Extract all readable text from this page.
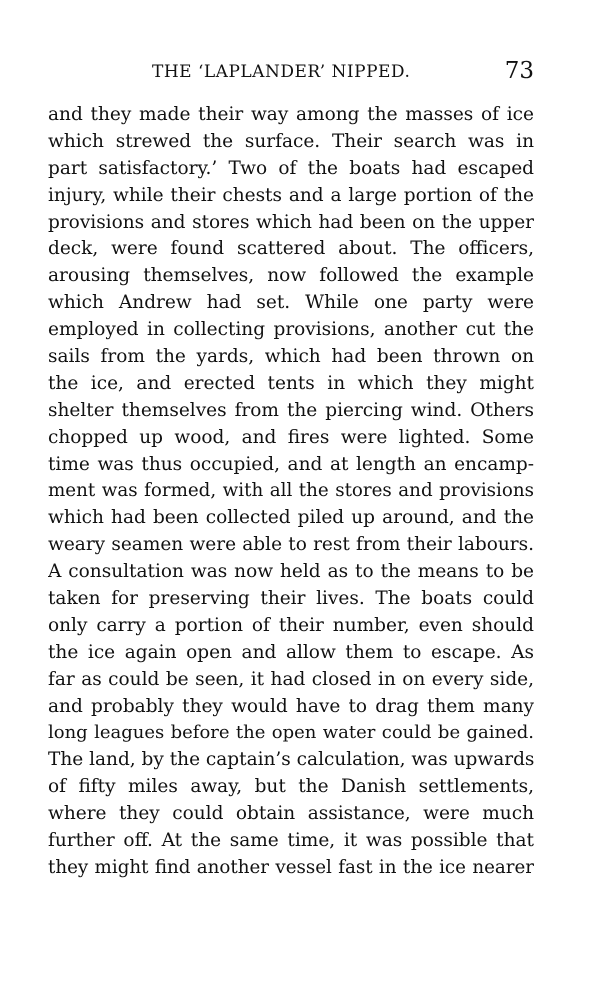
THE ‘LAPLANDER’ NIPPED.	73
and they made their way among the masses of ice
which strewed the surface. Their search was in
part satisfactory.’ Two of the boats had escaped
injury, while their chests and a large portion of the
provisions and stores which had been on the upper
deck, were found scattered about. The officers,
arousing themselves, now followed the example
which Andrew had set. While one party were
employed in collecting provisions, another cut the
sails from the yards, which had been thrown on
the ice, and erected tents in which they might
shelter themselves from the piercing wind. Others
chopped up wood, and fires were lighted. Some
time was thus occupied, and at length an encamp-
ment was formed, with all the stores and provisions
which had been collected piled up around, and the
weary seamen were able to rest from their labours.
A consultation was now held as to the means to be
taken for preserving their lives. The boats could
only carry a portion of their number, even should
the ice again open and allow them to escape. As
far as could be seen, it had closed in on every side,
and probably they would have to drag them many
long leagues before the open water could be gained.
The land, by the captain’s calculation, was upwards
of fifty miles away, but the Danish settlements,
where they could obtain assistance, were much
further off. At the same time, it was possible that
they might find another vessel fast in the ice nearer
